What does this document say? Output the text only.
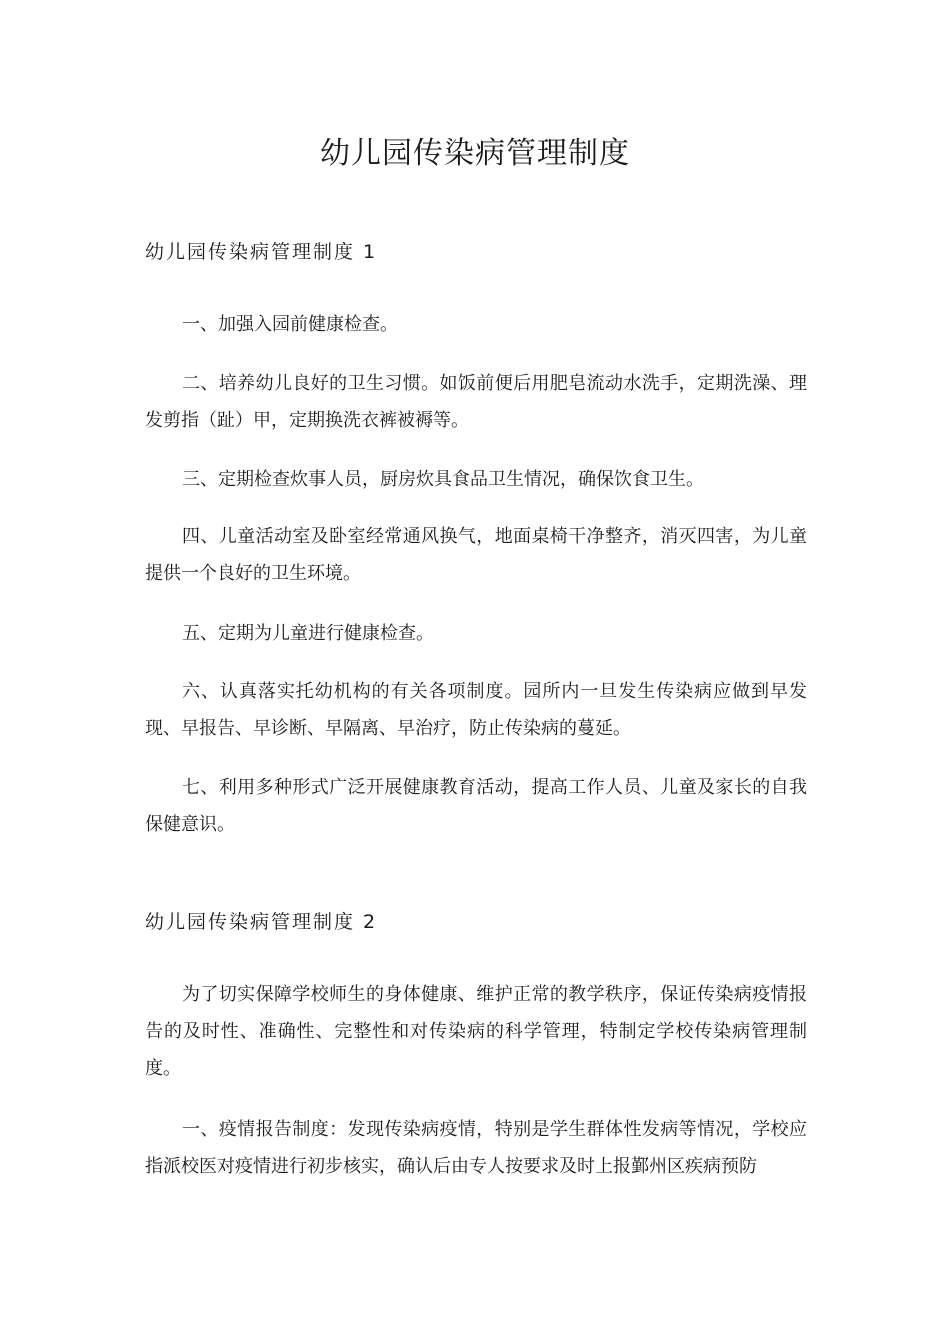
幼儿园传染病管理制度
幼儿园传染病管理制度 1

一、加强入园前健康检查。

二、培养幼儿良好的卫生习惯。如饭前便后用肥皂流动水洗手，定期洗澡、理发剪指（趾）甲，定期换洗衣裤被褥等。

三、定期检查炊事人员，厨房炊具食品卫生情况，确保饮食卫生。

四、儿童活动室及卧室经常通风换气，地面桌椅干净整齐，消灭四害，为儿童提供一个良好的卫生环境。

五、定期为儿童进行健康检查。

六、认真落实托幼机构的有关各项制度。园所内一旦发生传染病应做到早发现、早报告、早诊断、早隔离、早治疗，防止传染病的蔓延。

七、利用多种形式广泛开展健康教育活动，提高工作人员、儿童及家长的自我保健意识。

幼儿园传染病管理制度 2

为了切实保障学校师生的身体健康、维护正常的教学秩序，保证传染病疫情报告的及时性、准确性、完整性和对传染病的科学管理，特制定学校传染病管理制度。

一、疫情报告制度：发现传染病疫情，特别是学生群体性发病等情况，学校应指派校医对疫情进行初步核实，确认后由专人按要求及时上报鄞州区疾病预防
